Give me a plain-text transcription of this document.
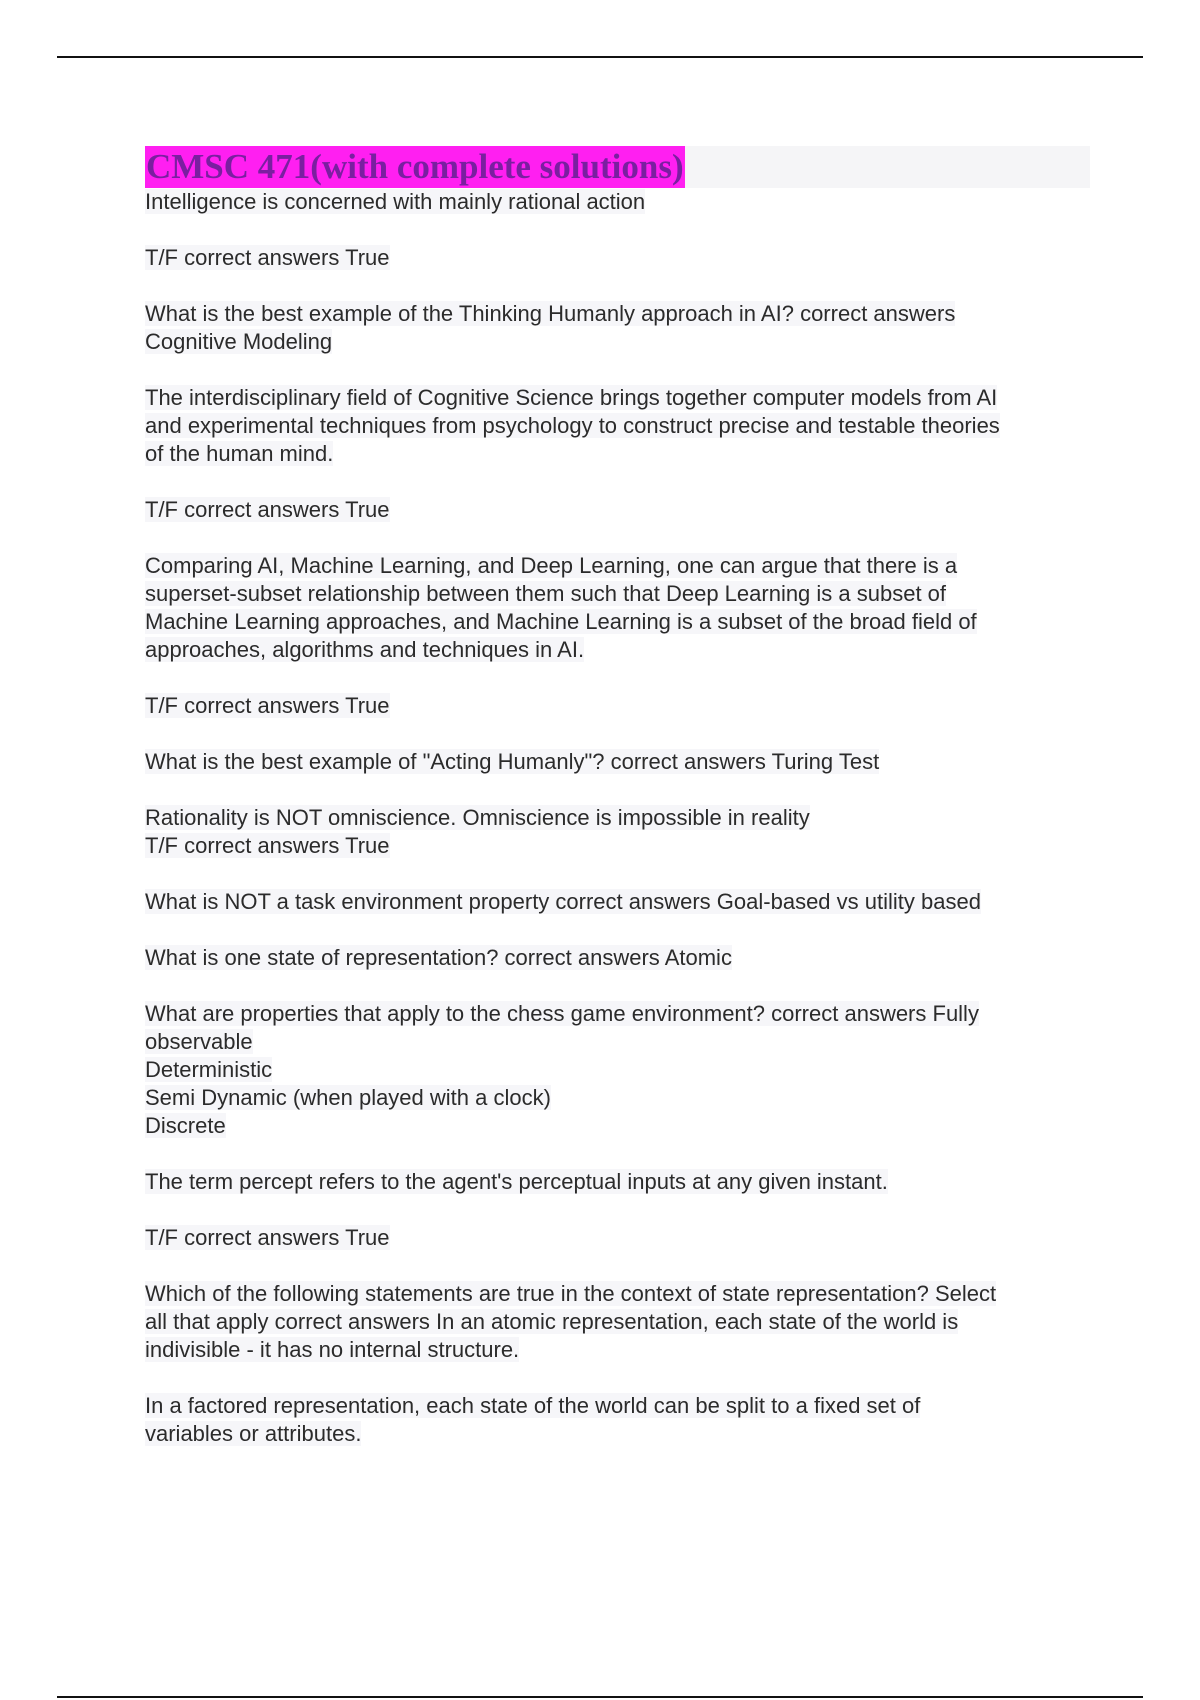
CMSC 471(with complete solutions)

Intelligence is concerned with mainly rational action

T/F correct answers True

What is the best example of the Thinking Humanly approach in AI? correct answers
Cognitive Modeling

The interdisciplinary field of Cognitive Science brings together computer models from AI
and experimental techniques from psychology to construct precise and testable theories
of the human mind.

T/F correct answers True

Comparing AI, Machine Learning, and Deep Learning, one can argue that there is a
superset-subset relationship between them such that Deep Learning is a subset of
Machine Learning approaches, and Machine Learning is a subset of the broad field of
approaches, algorithms and techniques in AI.

T/F correct answers True

What is the best example of "Acting Humanly"? correct answers Turing Test

Rationality is NOT omniscience. Omniscience is impossible in reality
T/F correct answers True

What is NOT a task environment property correct answers Goal-based vs utility based

What is one state of representation? correct answers Atomic

What are properties that apply to the chess game environment? correct answers Fully
observable
Deterministic
Semi Dynamic (when played with a clock)
Discrete

The term percept refers to the agent's perceptual inputs at any given instant.

T/F correct answers True

Which of the following statements are true in the context of state representation? Select
all that apply correct answers In an atomic representation, each state of the world is
indivisible - it has no internal structure.

In a factored representation, each state of the world can be split to a fixed set of
variables or attributes.
